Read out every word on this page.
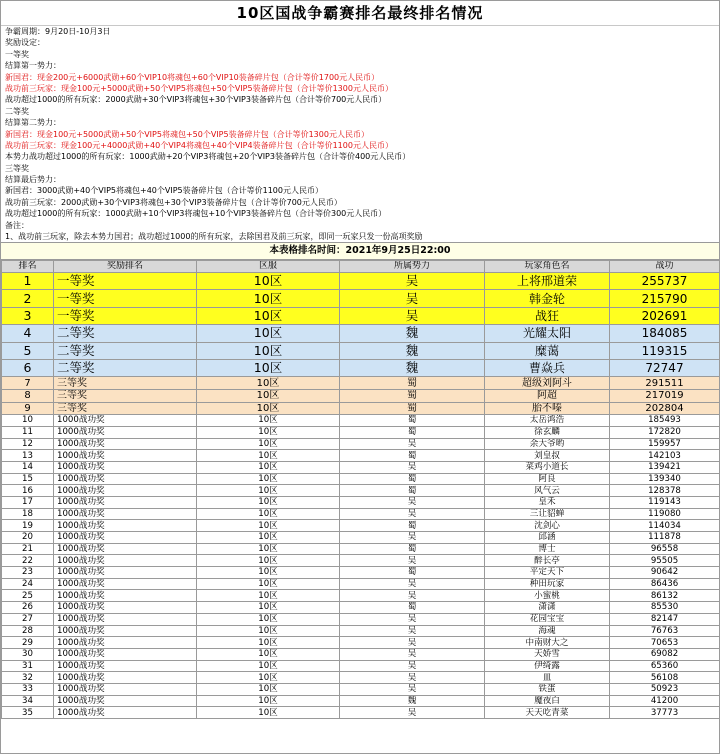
10区国战争霸赛排名最终排名情况
争霸周期：9月20日-10月3日
奖励设定：
一等奖
结算第一势力：
新国君：现金200元+6000武勋+60个VIP10将魂包+60个VIP10装备碎片包（合计等价1700元人民币）
战功前三玩家：现金100元+5000武勋+50个VIP5将魂包+50个VIP5装备碎片包（合计等价1300元人民币）
战功超过1000的所有玩家：2000武勋+30个VIP3将魂包+30个VIP3装备碎片包（合计等价700元人民币）
二等奖
结算第二势力：
新国君：现金100元+5000武勋+50个VIP5将魂包+50个VIP5装备碎片包（合计等价1300元人民币）
战功前三玩家：现金100元+4000武勋+40个VIP4将魂包+40个VIP4装备碎片包（合计等价1100元人民币）
本势力战功超过1000的所有玩家：1000武勋+20个VIP3将魂包+20个VIP3装备碎片包（合计等价400元人民币）
三等奖
结算最后势力：
新国君：3000武勋+40个VIP5将魂包+40个VIP5装备碎片包（合计等价1100元人民币）
战功前三玩家：2000武勋+30个VIP3将魂包+30个VIP3装备碎片包（合计等价700元人民币）
战功超过1000的所有玩家：1000武勋+10个VIP3将魂包+10个VIP3装备碎片包（合计等价300元人民币）
备注：
1、战功前三玩家，除去本势力国君；战功超过1000的所有玩家，去除国君及前三玩家，即同一玩家只发一份高项奖励
本表格排名时间：2021年9月25日22:00
排名	奖励排名	区服	所属势力	玩家角色名	战功
1	一等奖	10区	吴	上将邢道荣	255737
2	一等奖	10区	吴	韩金轮	215790
3	一等奖	10区	吴	战狂	202691
4	二等奖	10区	魏	光耀太阳	184085
5	二等奖	10区	魏	糜蔼	119315
6	二等奖	10区	魏	曹焱兵	72747
7	三等奖	10区	蜀	超级刘阿斗	291511
8	三等奖	10区	蜀	阿超	217019
9	三等奖	10区	蜀	胎不嗪	202804
10	1000战功奖	10区	蜀	太岳鸿浩	185493
11	1000战功奖	10区	蜀	徐玄麟	172820
12	1000战功奖	10区	吴	余大爷哟	159957
13	1000战功奖	10区	蜀	刘皇叔	142103
14	1000战功奖	10区	吴	菜鸡小道长	139421
15	1000战功奖	10区	蜀	阿良	139340
16	1000战功奖	10区	蜀	风气云	128378
17	1000战功奖	10区	吴	皇禾	119143
18	1000战功奖	10区	吴	三让貂蝉	119080
19	1000战功奖	10区	蜀	沈剑心	114034
20	1000战功奖	10区	吴	邱涵	111878
21	1000战功奖	10区	蜀	博士	96558
22	1000战功奖	10区	吴	醉长亭	95505
23	1000战功奖	10区	蜀	平定天下	90642
24	1000战功奖	10区	吴	种田玩家	86436
25	1000战功奖	10区	吴	小蜜桃	86132
26	1000战功奖	10区	蜀	潇潇	85530
27	1000战功奖	10区	吴	花园宝宝	82147
28	1000战功奖	10区	吴	海魂	76763
29	1000战功奖	10区	吴	中南财大之	70653
30	1000战功奖	10区	吴	天娇雪	69082
31	1000战功奖	10区	吴	伊绮露	65360
32	1000战功奖	10区	吴	皿	56108
33	1000战功奖	10区	吴	铁蛋	50923
34	1000战功奖	10区	魏	魔夜白	41200
35	1000战功奖	10区	吴	天天吃青菜	37773
